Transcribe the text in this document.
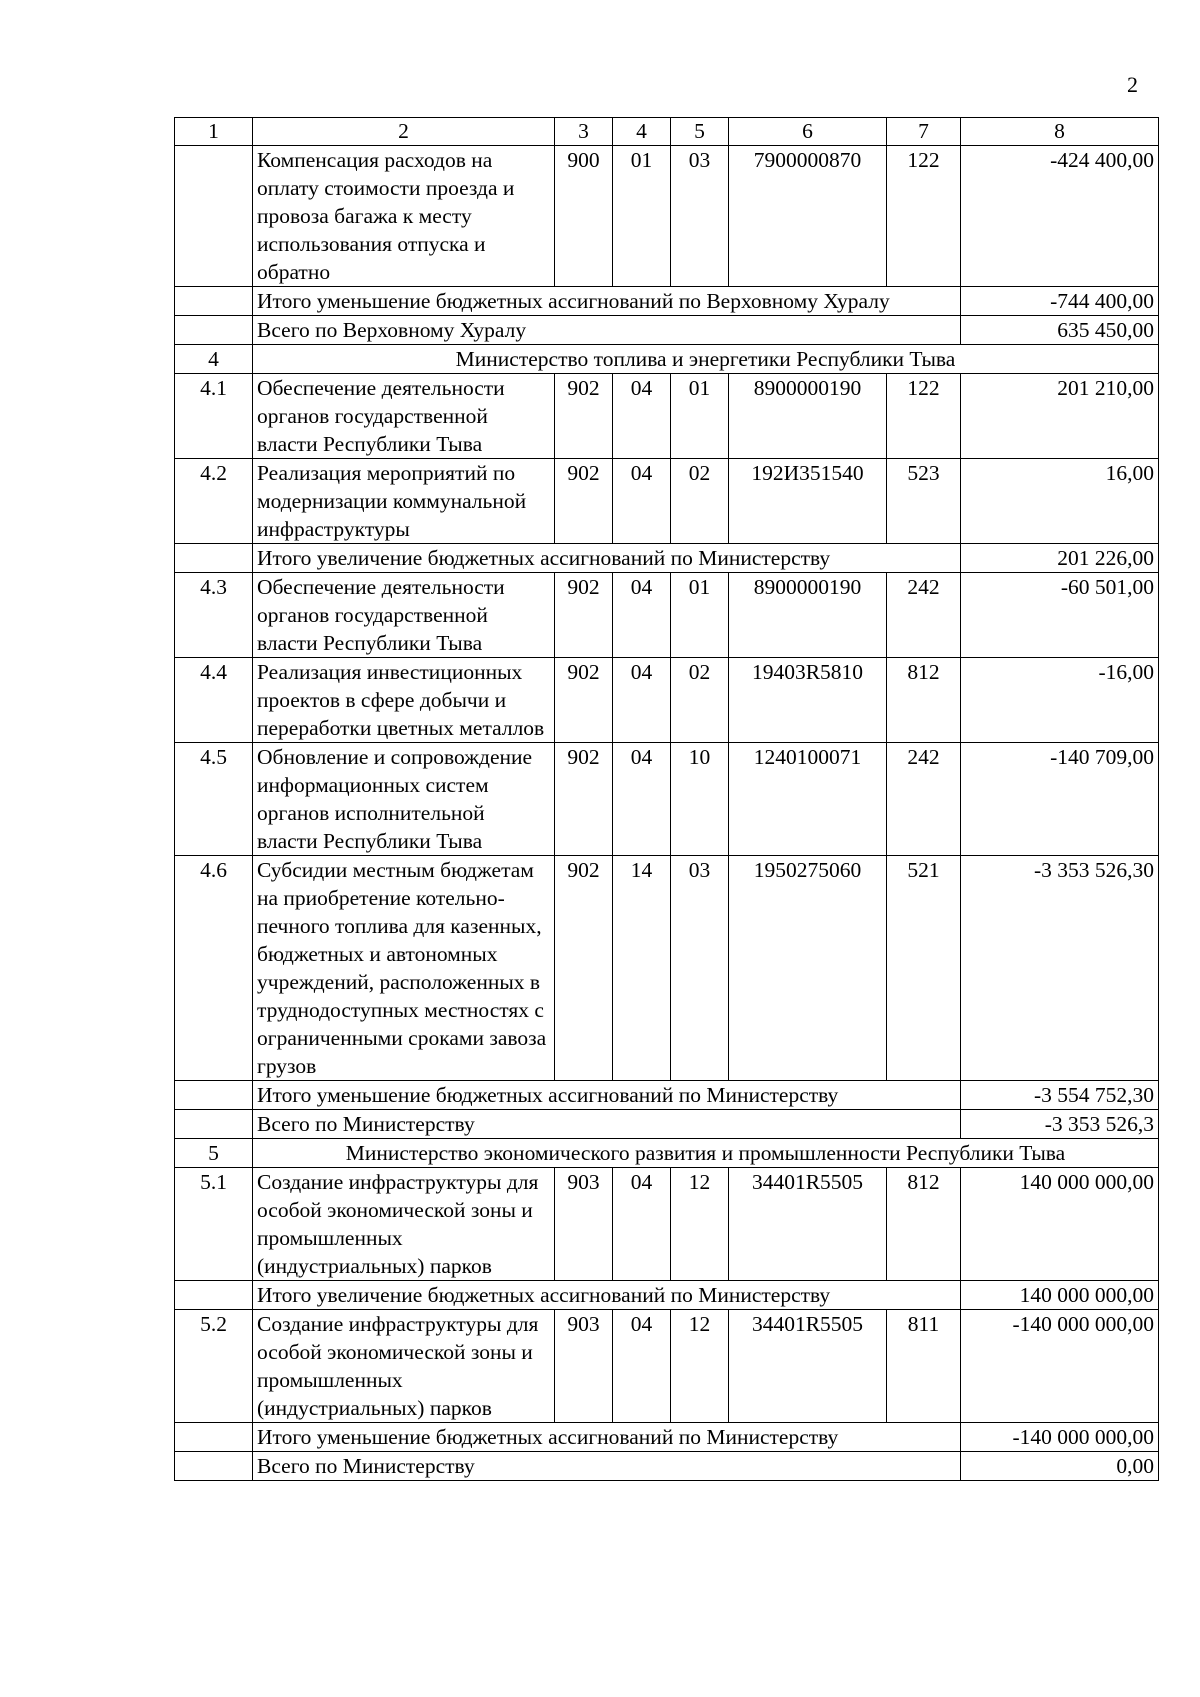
2
1	2	3	4	5	6	7	8
	Компенсация расходов на оплату стоимости проезда и провоза багажа к месту использования отпуска и обратно	900	01	03	7900000870	122	-424 400,00
	Итого уменьшение бюджетных ассигнований по Верховному Хуралу						-744 400,00
	Всего по Верховному Хуралу						635 450,00
4	Министерство топлива и энергетики Республики Тыва						
4.1	Обеспечение деятельности органов государственной власти Республики Тыва	902	04	01	8900000190	122	201 210,00
4.2	Реализация мероприятий по модернизации коммунальной инфраструктуры	902	04	02	192И351540	523	16,00
	Итого увеличение бюджетных ассигнований по Министерству						201 226,00
4.3	Обеспечение деятельности органов государственной власти Республики Тыва	902	04	01	8900000190	242	-60 501,00
4.4	Реализация инвестиционных проектов в сфере добычи и переработки цветных металлов	902	04	02	19403R5810	812	-16,00
4.5	Обновление и сопровождение информационных систем органов исполнительной власти Республики Тыва	902	04	10	1240100071	242	-140 709,00
4.6	Субсидии местным бюджетам на приобретение котельно-печного топлива для казенных, бюджетных и автономных учреждений, расположенных в труднодоступных местностях с ограниченными сроками завоза грузов	902	14	03	1950275060	521	-3 353 526,30
	Итого уменьшение бюджетных ассигнований по Министерству						-3 554 752,30
	Всего по Министерству						-3 353 526,3
5	Министерство экономического развития и промышленности Республики Тыва						
5.1	Создание инфраструктуры для особой экономической зоны и промышленных (индустриальных) парков	903	04	12	34401R5505	812	140 000 000,00
	Итого увеличение бюджетных ассигнований по Министерству						140 000 000,00
5.2	Создание инфраструктуры для особой экономической зоны и промышленных (индустриальных) парков	903	04	12	34401R5505	811	-140 000 000,00
	Итого уменьшение бюджетных ассигнований по Министерству						-140 000 000,00
	Всего по Министерству						0,00
